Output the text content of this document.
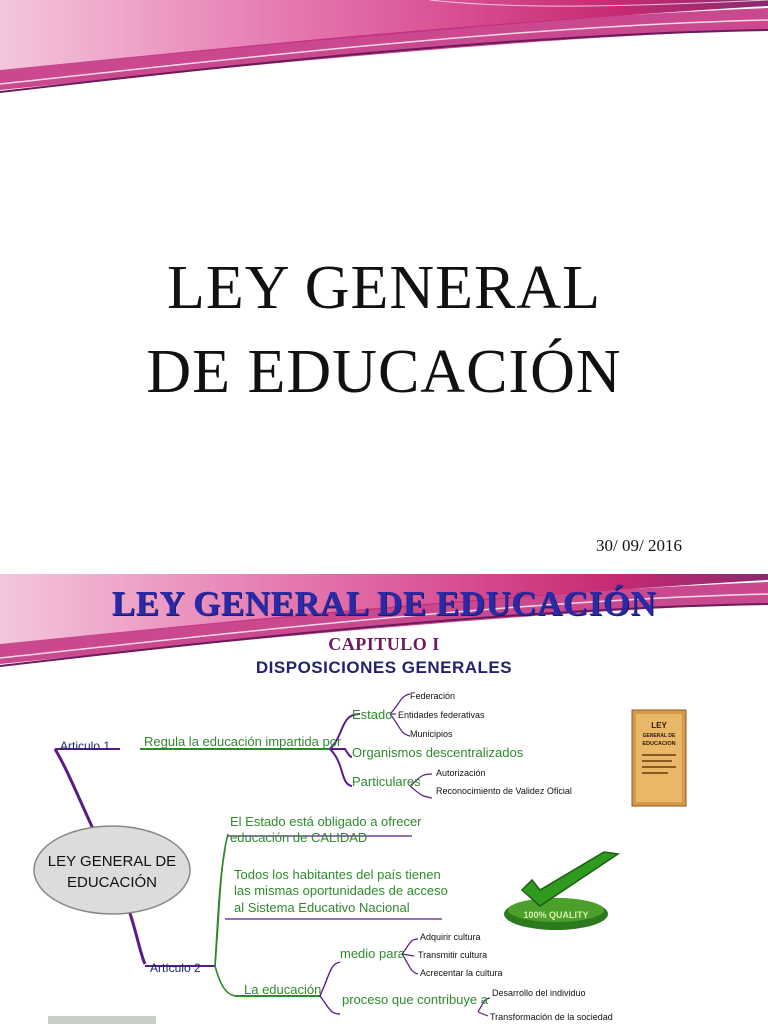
LEY GENERAL
DE EDUCACIÓN
30/ 09/ 2016
LEY GENERAL DE EDUCACIÓN
CAPITULO I
DISPOSICIONES GENERALES
LEY GENERAL DE
EDUCACIÓN
Articulo 1	Regula la educación impartida por
Estado
Federación
Entidades federativas
Municipios
Organismos descentralizados
Particulares
Autorización
Reconocimiento de Validez Oficial
Artículo 2
El Estado está obligado a ofrecer
educación de CALIDAD
Todos los habitantes del país tienen
las mismas oportunidades de acceso
al Sistema Educativo Nacional
La educación
medio para
Adquirir cultura
Transmitir cultura
Acrecentar la cultura
proceso que contribuye a Desarrollo del individuo
Transformación de la sociedad
LEY
GENERAL DE
EDUCACION
100% QUALITY
